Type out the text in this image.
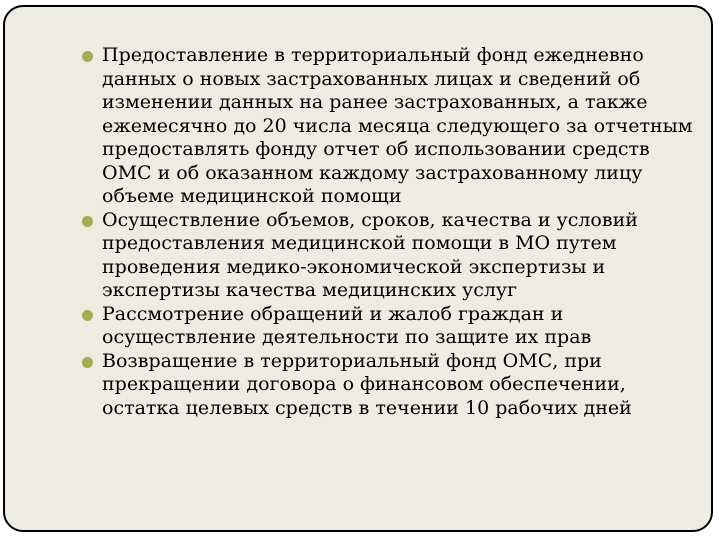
Предоставление в территориальный фонд ежедневно данных о новых застрахованных лицах и сведений об изменении данных на ранее застрахованных, а также ежемесячно до 20 числа месяца следующего за отчетным предоставлять фонду отчет об использовании средств ОМС и об оказанном каждому застрахованному лицу объеме медицинской помощи
Осуществление объемов, сроков, качества и условий предоставления медицинской помощи в МО путем проведения медико-экономической экспертизы и экспертизы качества медицинских услуг
Рассмотрение обращений и жалоб граждан и осуществление деятельности по защите их прав
Возвращение в территориальный фонд ОМС, при прекращении договора о финансовом обеспечении, остатка целевых средств в течении 10 рабочих дней
